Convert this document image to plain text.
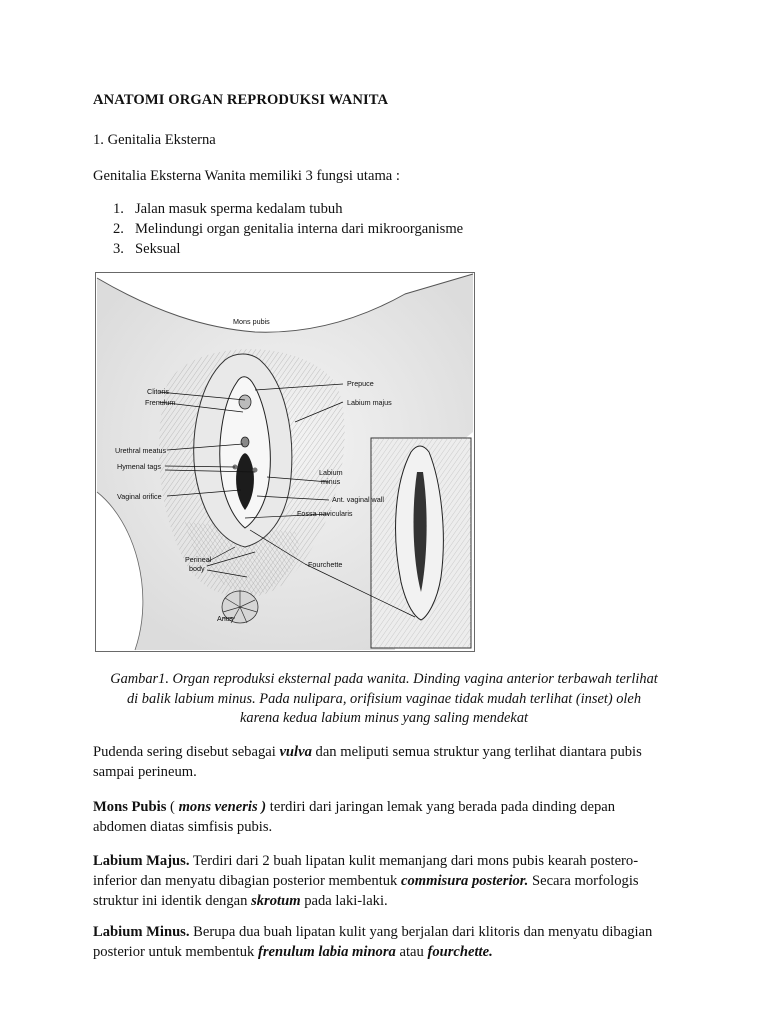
ANATOMI ORGAN REPRODUKSI WANITA
1. Genitalia Eksterna
Genitalia Eksterna Wanita memiliki 3 fungsi utama :
1. Jalan masuk sperma kedalam tubuh
2. Melindungi organ genitalia interna dari mikroorganisme
3. Seksual
Mons pubis
Clitoris
Frenulum
Prepuce
Labium majus
Urethral meatus
Hymenal tags
Labium
minus
Vaginal orifice	Ant. vaginal wall
Fossa navicularis
Perineal
body	Fourchette
Anus
Gambar1. Organ reproduksi eksternal pada wanita. Dinding vagina anterior terbawah terlihat
di balik labium minus. Pada nulipara, orifisium vaginae tidak mudah terlihat (inset) oleh
karena kedua labium minus yang saling mendekat
Pudenda sering disebut sebagai vulva dan meliputi semua struktur yang terlihat diantara pubis
sampai perineum.
Mons Pubis ( mons veneris ) terdiri dari jaringan lemak yang berada pada dinding depan
abdomen diatas simfisis pubis.
Labium Majus. Terdiri dari 2 buah lipatan kulit memanjang dari mons pubis kearah postero-
inferior dan menyatu dibagian posterior membentuk commisura posterior. Secara morfologis
struktur ini identik dengan skrotum pada laki-laki.
Labium Minus. Berupa dua buah lipatan kulit yang berjalan dari klitoris dan menyatu dibagian
posterior untuk membentuk frenulum labia minora atau fourchette.
